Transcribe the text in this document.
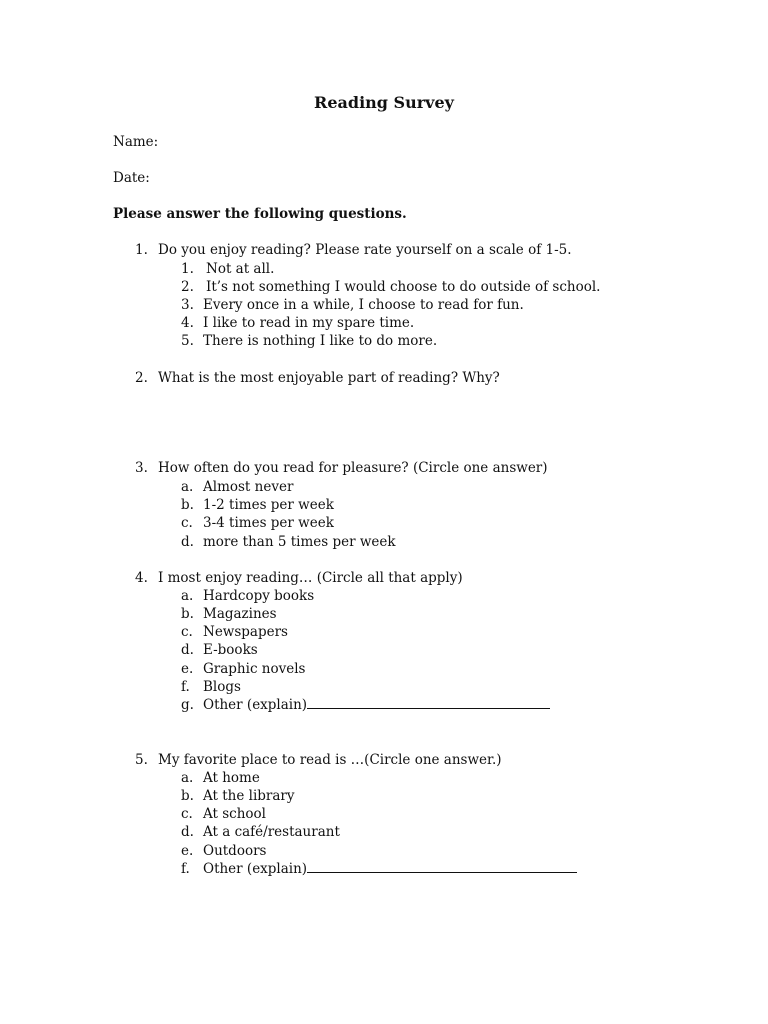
Reading Survey
Name:
Date:
Please answer the following questions.
1. Do you enjoy reading? Please rate yourself on a scale of 1-5.
1. Not at all.
2. It’s not something I would choose to do outside of school.
3. Every once in a while, I choose to read for fun.
4. I like to read in my spare time.
5. There is nothing I like to do more.
2. What is the most enjoyable part of reading? Why?
3. How often do you read for pleasure? (Circle one answer)
a. Almost never
b. 1-2 times per week
c. 3-4 times per week
d. more than 5 times per week
4. I most enjoy reading… (Circle all that apply)
a. Hardcopy books
b. Magazines
c. Newspapers
d. E-books
e. Graphic novels
f. Blogs
g. Other (explain)
5. My favorite place to read is …(Circle one answer.)
a. At home
b. At the library
c. At school
d. At a café/restaurant
e. Outdoors
f. Other (explain)
